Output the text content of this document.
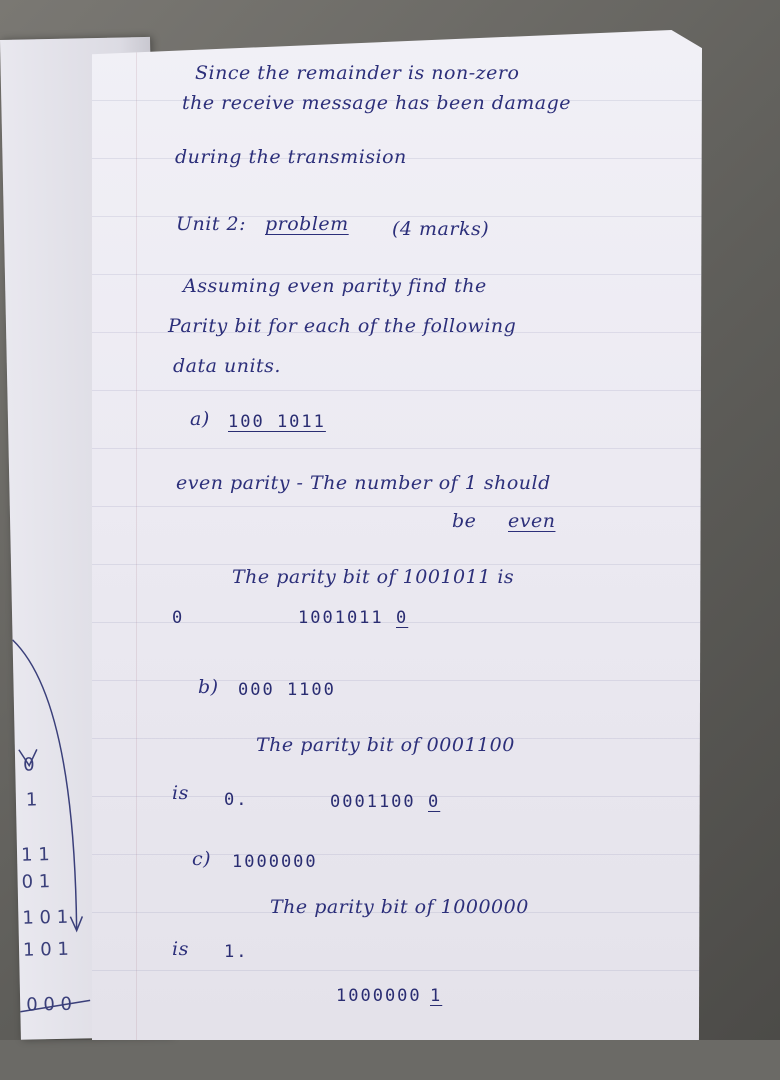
0
1
1 1
0 1
1 0 1
1 0 1
0 0 0
Since the remainder is non-zero
the receive message has been damage
during the transmision
Unit 2: problem (4 marks)
Assuming even parity find the
Parity bit for each of the following
data units.
a) 100 1011
even parity - The number of 1 should
be even
The parity bit of 1001011 is
0	1001011 0
b) 000 1100
The parity bit of 0001100
is 0.	0001100 0
c) 1000000
The parity bit of 1000000
is 1.
1000000 1
